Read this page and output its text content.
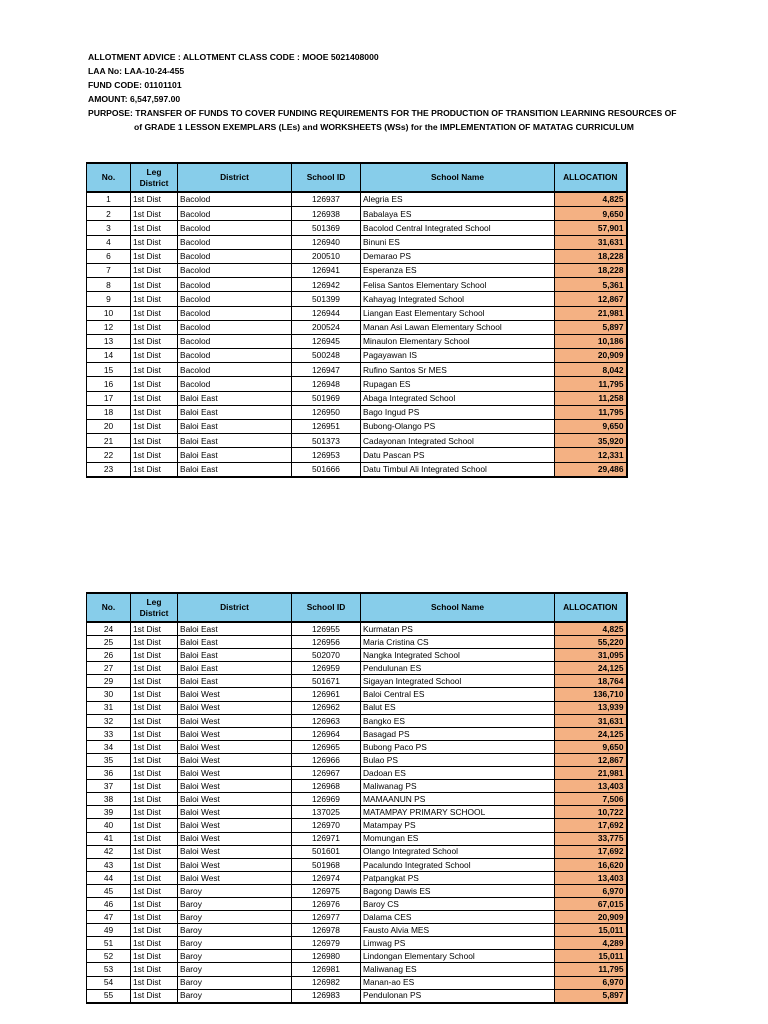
ALLOTMENT ADVICE : ALLOTMENT CLASS CODE : MOOE 5021408000
LAA No: LAA-10-24-455
FUND CODE: 01101101
AMOUNT: 6,547,597.00
PURPOSE: TRANSFER OF FUNDS TO COVER FUNDING REQUIREMENTS FOR THE PRODUCTION OF TRANSITION LEARNING RESOURCES OF
of GRADE 1 LESSON EXEMPLARS (LEs) and WORKSHEETS (WSs) for the IMPLEMENTATION OF MATATAG CURRICULUM
No.	Leg District	District	School ID	School Name	ALLOCATION
1	1st Dist	Bacolod	126937	Alegria ES	4,825
2	1st Dist	Bacolod	126938	Babalaya ES	9,650
3	1st Dist	Bacolod	501369	Bacolod Central Integrated School	57,901
4	1st Dist	Bacolod	126940	Binuni ES	31,631
6	1st Dist	Bacolod	200510	Demarao PS	18,228
7	1st Dist	Bacolod	126941	Esperanza ES	18,228
8	1st Dist	Bacolod	126942	Felisa Santos Elementary School	5,361
9	1st Dist	Bacolod	501399	Kahayag Integrated School	12,867
10	1st Dist	Bacolod	126944	Liangan East Elementary School	21,981
12	1st Dist	Bacolod	200524	Manan Asi Lawan Elementary School	5,897
13	1st Dist	Bacolod	126945	Minaulon Elementary School	10,186
14	1st Dist	Bacolod	500248	Pagayawan IS	20,909
15	1st Dist	Bacolod	126947	Rufino Santos Sr MES	8,042
16	1st Dist	Bacolod	126948	Rupagan ES	11,795
17	1st Dist	Baloi East	501969	Abaga Integrated School	11,258
18	1st Dist	Baloi East	126950	Bago Ingud PS	11,795
20	1st Dist	Baloi East	126951	Bubong-Olango PS	9,650
21	1st Dist	Baloi East	501373	Cadayonan Integrated School	35,920
22	1st Dist	Baloi East	126953	Datu Pascan PS	12,331
23	1st Dist	Baloi East	501666	Datu Timbul Ali Integrated School	29,486
No.	Leg District	District	School ID	School Name	ALLOCATION
24	1st Dist	Baloi East	126955	Kurmatan PS	4,825
25	1st Dist	Baloi East	126956	Maria Cristina CS	55,220
26	1st Dist	Baloi East	502070	Nangka Integrated School	31,095
27	1st Dist	Baloi East	126959	Pendulunan ES	24,125
29	1st Dist	Baloi East	501671	Sigayan Integrated School	18,764
30	1st Dist	Baloi West	126961	Baloi Central ES	136,710
31	1st Dist	Baloi West	126962	Balut ES	13,939
32	1st Dist	Baloi West	126963	Bangko ES	31,631
33	1st Dist	Baloi West	126964	Basagad PS	24,125
34	1st Dist	Baloi West	126965	Bubong Paco PS	9,650
35	1st Dist	Baloi West	126966	Bulao PS	12,867
36	1st Dist	Baloi West	126967	Dadoan ES	21,981
37	1st Dist	Baloi West	126968	Maliwanag PS	13,403
38	1st Dist	Baloi West	126969	MAMAANUN PS	7,506
39	1st Dist	Baloi West	137025	MATAMPAY PRIMARY SCHOOL	10,722
40	1st Dist	Baloi West	126970	Matampay PS	17,692
41	1st Dist	Baloi West	126971	Momungan ES	33,775
42	1st Dist	Baloi West	501601	Olango Integrated School	17,692
43	1st Dist	Baloi West	501968	Pacalundo Integrated School	16,620
44	1st Dist	Baloi West	126974	Patpangkat PS	13,403
45	1st Dist	Baroy	126975	Bagong Dawis ES	6,970
46	1st Dist	Baroy	126976	Baroy CS	67,015
47	1st Dist	Baroy	126977	Dalama CES	20,909
49	1st Dist	Baroy	126978	Fausto Alvia MES	15,011
51	1st Dist	Baroy	126979	Limwag PS	4,289
52	1st Dist	Baroy	126980	Lindongan Elementary School	15,011
53	1st Dist	Baroy	126981	Maliwanag ES	11,795
54	1st Dist	Baroy	126982	Manan-ao ES	6,970
55	1st Dist	Baroy	126983	Pendulonan PS	5,897
